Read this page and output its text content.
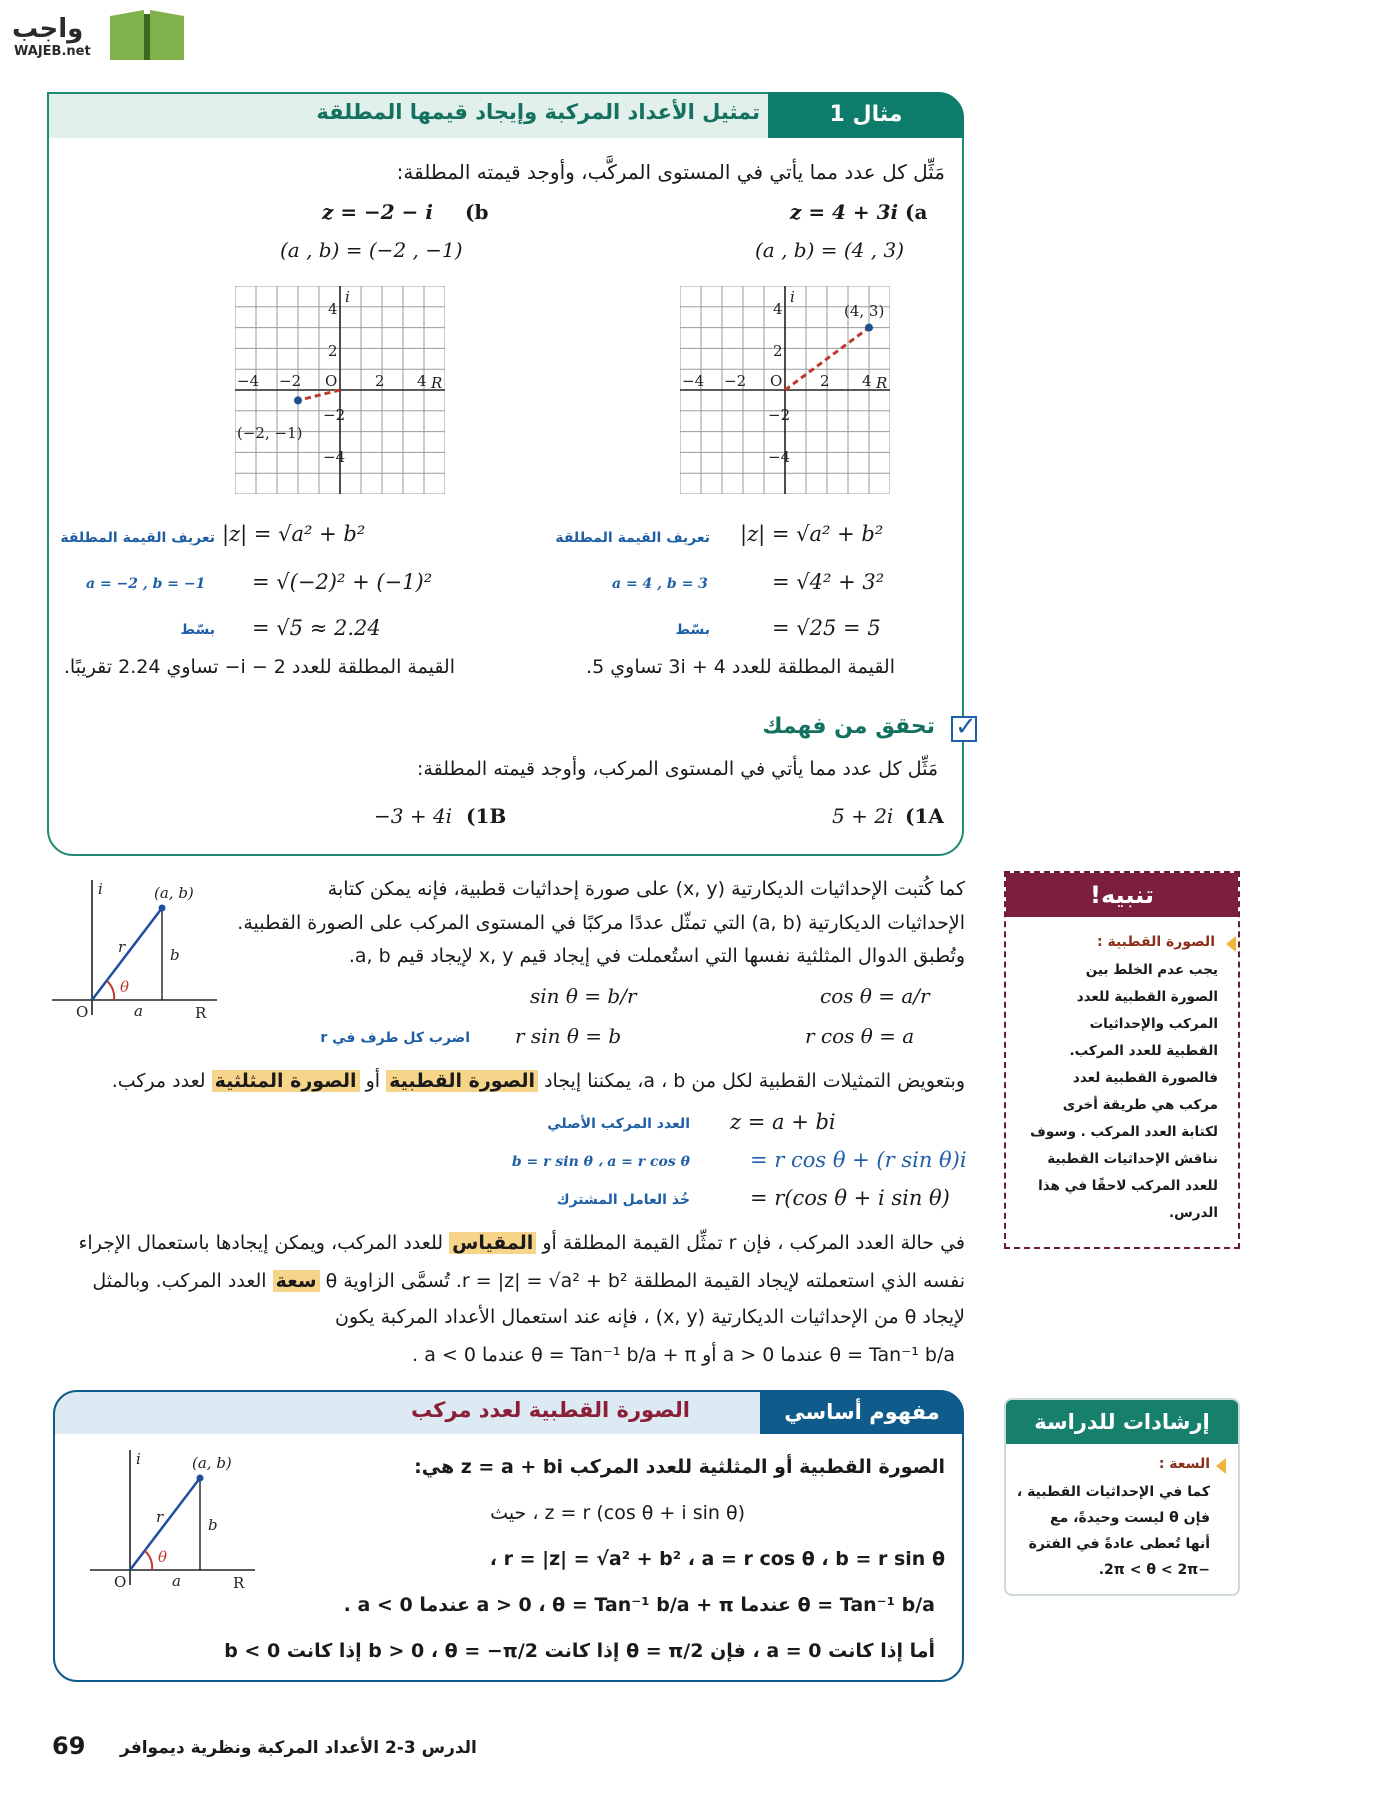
واجب
WAJEB.net
مثال 1
تمثيل الأعداد المركبة وإيجاد قيمها المطلقة
مَثِّل كل عدد مما يأتي في المستوى المركَّب، وأوجد قيمته المطلقة:
(a
z = 4 + 3i
(a , b) = (4 , 3)
(b
z = −2 − i
(a , b) = (−2 , −1)
4
2
−2
−4
−4 −2	2 4
O	R
i
(4, 3)
4
2
−2
−4
−4 −2	2 4
O	R
i
(−2, −1)
|z| = √a² + b²
تعريف القيمة المطلقة
= √4² + 3²
a = 4 , b = 3
= √25 = 5
بسّط
القيمة المطلقة للعدد 3i + 4 تساوي 5.
|z| = √a² + b²
تعريف القيمة المطلقة
= √(−2)² + (−1)²
a = −2 , b = −1
= √5 ≈ 2.24
بسّط
القيمة المطلقة للعدد i − 2− تساوي 2.24 تقريبًا.
✓
تحقق من فهمك
مَثِّل كل عدد مما يأتي في المستوى المركب، وأوجد قيمته المطلقة:
(1A
5 + 2i
(1B
−3 + 4i
(a, b)
r	b
a
θ
O	R
i	كما كُتبت الإحداثيات الديكارتية (x, y) على صورة إحداثيات قطبية، فإنه يمكن كتابة
الإحداثيات الديكارتية (a, b) التي تمثّل عددًا مركبًا في المستوى المركب على الصورة القطبية.
وتُطبق الدوال المثلثية نفسها التي استُعملت في إيجاد قيم x, y لإيجاد قيم a, b.
sin θ = b/r	cos θ = a/r
r sin θ = b	r cos θ = a
اضرب كل طرف في r
وبتعويض التمثيلات القطبية لكل من a ، b، يمكننا إيجاد الصورة القطبية أو الصورة المثلثية لعدد مركب.
z = a + bi
العدد المركب الأصلي
= r cos θ + (r sin θ)i
b = r sin θ ، a = r cos θ
= r(cos θ + i sin θ)
خُذ العامل المشترك
في حالة العدد المركب ، فإن r تمثِّل القيمة المطلقة أو المقياس للعدد المركب، ويمكن إيجادها باستعمال الإجراء
نفسه الذي استعملته لإيجاد القيمة المطلقة r = |z| = √a² + b². تُسمَّى الزاوية θ سعة العدد المركب. وبالمثل
لإيجاد θ من الإحداثيات الديكارتية (x, y) ، فإنه عند استعمال الأعداد المركبة يكون
θ = Tan⁻¹ b/a عندما a > 0 أو θ = Tan⁻¹ b/a + π عندما a < 0 .
تنبيه!
الصورة القطبية :
يجب عدم الخلط بين
الصورة القطبية للعدد
المركب والإحداثيات
القطبية للعدد المركب.
فالصورة القطبية لعدد
مركب هي طريقة أخرى
لكتابة العدد المركب . وسوف
نناقش الإحداثيات القطبية
للعدد المركب لاحقًا في هذا
الدرس.
إرشادات للدراسة
السعة :
كما في الإحداثيات القطبية ،
فإن θ ليست وحيدةً، مع
أنها تُعطى عادةً في الفترة
−2π < θ < 2π.
مفهوم أساسي
الصورة القطبية لعدد مركب
(a, b)
r	b
a
θ
O	R
i	الصورة القطبية أو المثلثية للعدد المركب z = a + bi هي:
z = r (cos θ + i sin θ) ، حيث
r = |z| = √a² + b² ، a = r cos θ ، b = r sin θ ،
θ = Tan⁻¹ b/a عندما a > 0 ، θ = Tan⁻¹ b/a + π عندما a < 0 .
أما إذا كانت a = 0 ، فإن θ = π/2 إذا كانت b > 0 ، θ = −π/2 إذا كانت b < 0
69 الدرس 3-2 الأعداد المركبة ونظرية ديموافر
